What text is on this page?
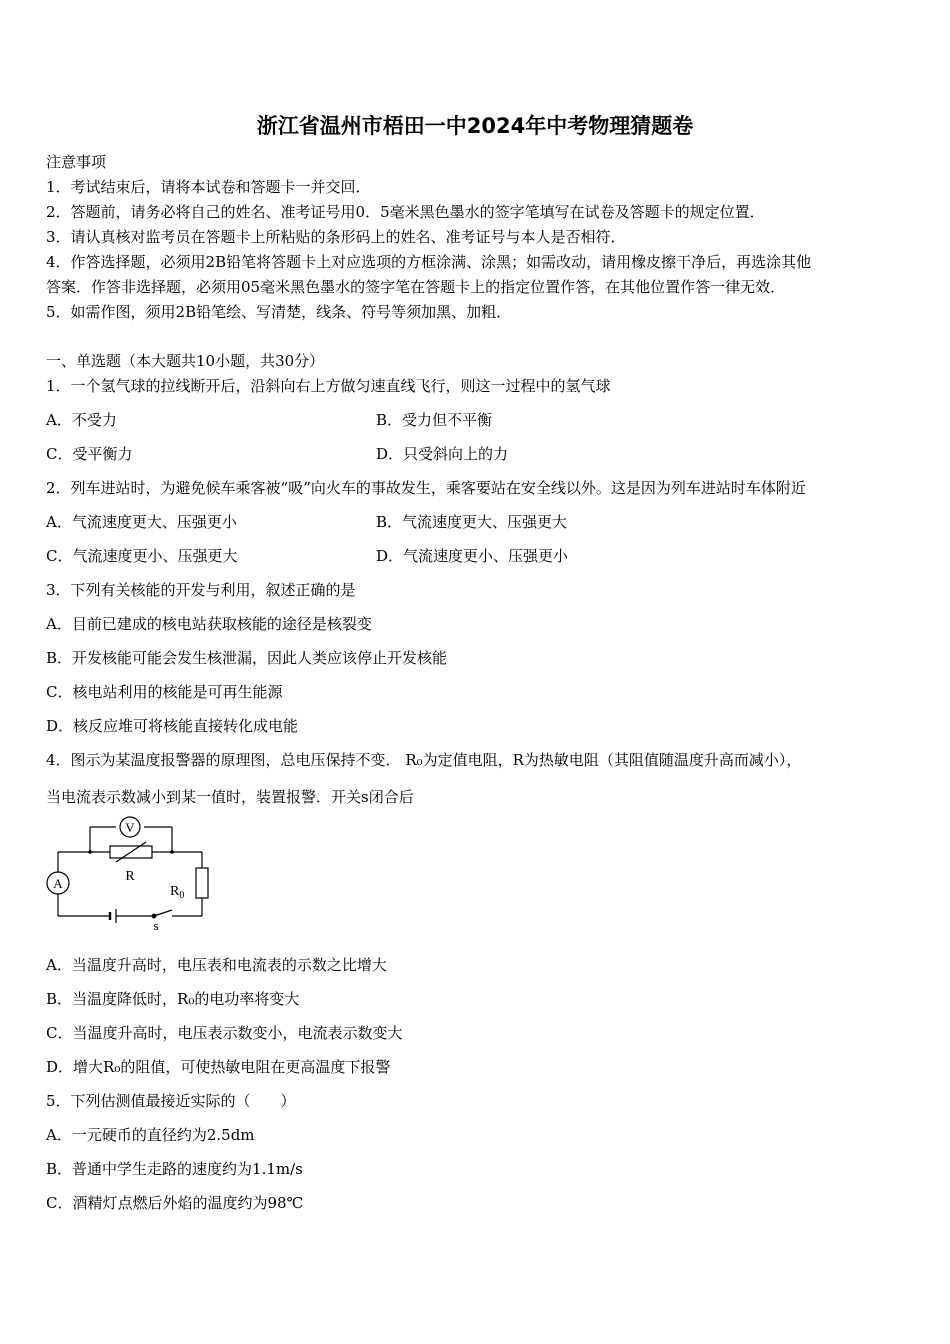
浙江省温州市梧田一中2024年中考物理猜题卷
注意事项
1．考试结束后，请将本试卷和答题卡一并交回．
2．答题前，请务必将自己的姓名、准考证号用0．5毫米黑色墨水的签字笔填写在试卷及答题卡的规定位置．
3．请认真核对监考员在答题卡上所粘贴的条形码上的姓名、准考证号与本人是否相符．
4．作答选择题，必须用2B铅笔将答题卡上对应选项的方框涂满、涂黑；如需改动，请用橡皮擦干净后，再选涂其他
答案．作答非选择题，必须用05毫米黑色墨水的签字笔在答题卡上的指定位置作答，在其他位置作答一律无效．
5．如需作图，须用2B铅笔绘、写清楚，线条、符号等须加黑、加粗．
一、单选题（本大题共10小题，共30分）
1．一个氢气球的拉线断开后，沿斜向右上方做匀速直线飞行，则这一过程中的氢气球
A．不受力	B．受力但不平衡
C．受平衡力	D．只受斜向上的力
2．列车进站时，为避免候车乘客被“吸”向火车的事故发生，乘客要站在安全线以外。这是因为列车进站时车体附近
A．气流速度更大、压强更小	B．气流速度更大、压强更大
C．气流速度更小、压强更大	D．气流速度更小、压强更小
3．下列有关核能的开发与利用，叙述正确的是
A．目前已建成的核电站获取核能的途径是核裂变
B．开发核能可能会发生核泄漏，因此人类应该停止开发核能
C．核电站利用的核能是可再生能源
D．核反应堆可将核能直接转化成电能
4．图示为某温度报警器的原理图，总电压保持不变． R₀为定值电阻，R为热敏电阻（其阻值随温度升高而减小），
当电流表示数减小到某一值时，装置报警．开关s闭合后
V
A	R
$R_0$
s
A．当温度升高时，电压表和电流表的示数之比增大
B．当温度降低时，R₀的电功率将变大
C．当温度升高时，电压表示数变小，电流表示数变大
D．增大R₀的阻值，可使热敏电阻在更高温度下报警
5．下列估测值最接近实际的（　　）
A．一元硬币的直径约为2.5dm
B．普通中学生走路的速度约为1.1m/s
C．酒精灯点燃后外焰的温度约为98℃
